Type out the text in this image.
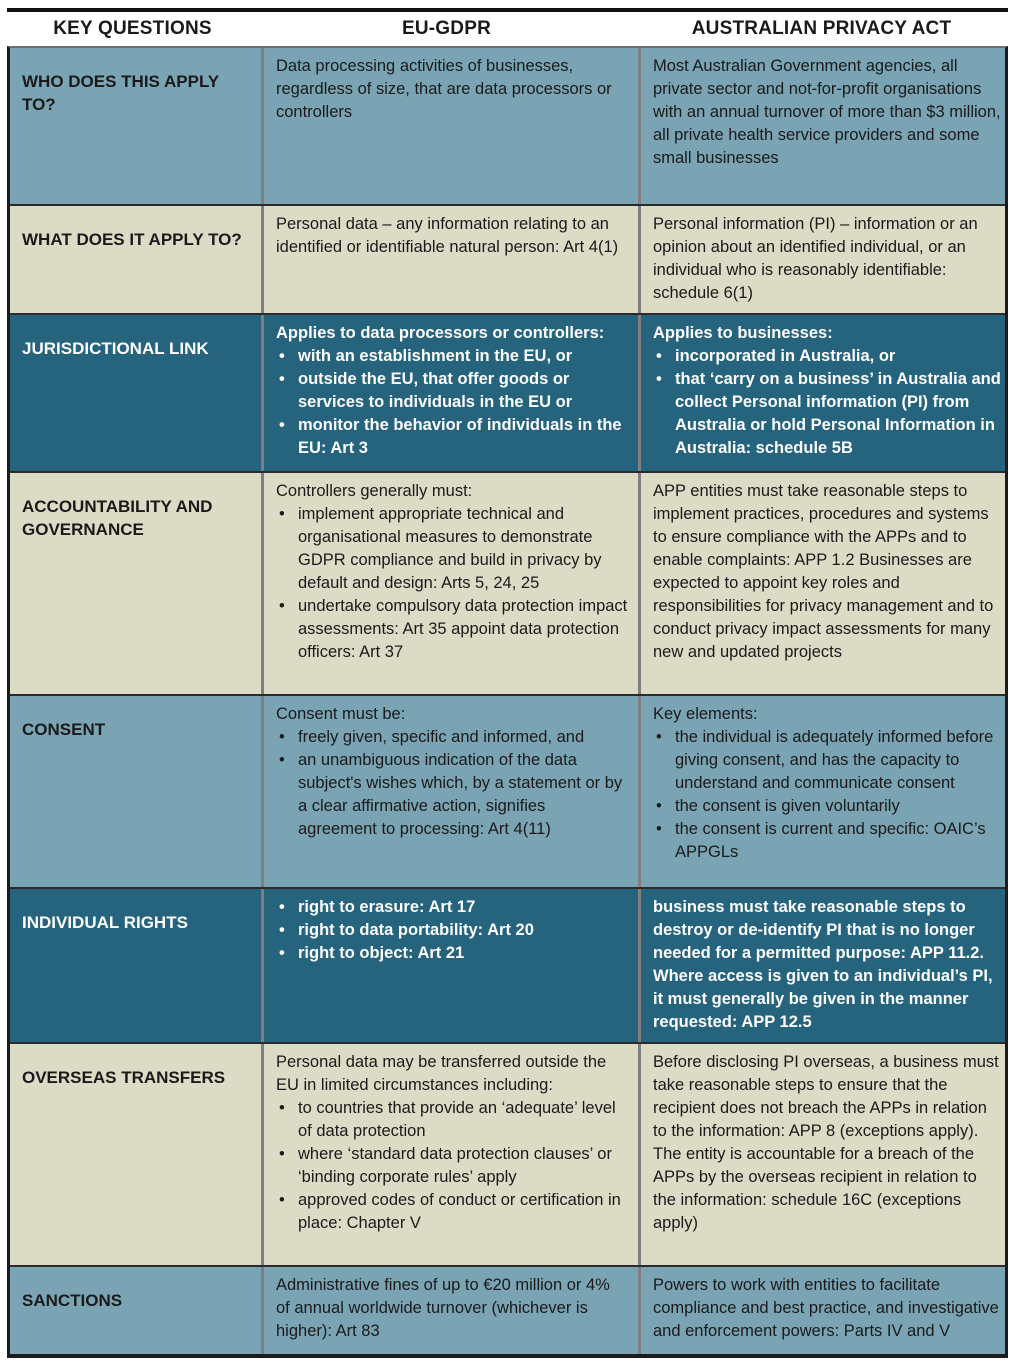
KEY QUESTIONS	EU-GDPR	AUSTRALIAN PRIVACY ACT
WHO DOES THIS APPLY TO?

Data processing activities of businesses, regardless of size, that are data processors or controllers

Most Australian Government agencies, all private sector and not-for-profit organisations with an annual turnover of more than $3 million, all private health service providers and some small businesses

WHAT DOES IT APPLY TO?

Personal data – any information relating to an identified or identifiable natural person: Art 4(1)

Personal information (PI) – information or an opinion about an identified individual, or an individual who is reasonably identifiable: schedule 6(1)

JURISDICTIONAL LINK

Applies to data processors or controllers:

• with an establishment in the EU, or
• outside the EU, that offer goods or services to individuals in the EU or
• monitor the behavior of individuals in the EU: Art 3

Applies to businesses:

• incorporated in Australia, or
• that ‘carry on a business’ in Australia and collect Personal information (PI) from Australia or hold Personal Information in Australia: schedule 5B
ACCOUNTABILITY AND GOVERNANCE

Controllers generally must:

• implement appropriate technical and organisational measures to demonstrate GDPR compliance and build in privacy by default and design: Arts 5, 24, 25
• undertake compulsory data protection impact assessments: Art 35 appoint data protection officers: Art 37

APP entities must take reasonable steps to implement practices, procedures and systems to ensure compliance with the APPs and to enable complaints: APP 1.2 Businesses are expected to appoint key roles and responsibilities for privacy management and to conduct privacy impact assessments for many new and updated projects

CONSENT

Consent must be:

• freely given, specific and informed, and
• an unambiguous indication of the data subject's wishes which, by a statement or by a clear affirmative action, signifies agreement to processing: Art 4(11)

Key elements:

• the individual is adequately informed before giving consent, and has the capacity to understand and communicate consent
• the consent is given voluntarily
• the consent is current and specific: OAIC’s APPGLs
INDIVIDUAL RIGHTS
• right to erasure: Art 17
• right to data portability: Art 20
• right to object: Art 21

business must take reasonable steps to destroy or de-identify PI that is no longer needed for a permitted purpose: APP 11.2. Where access is given to an individual’s PI, it must generally be given in the manner requested: APP 12.5

OVERSEAS TRANSFERS

Personal data may be transferred outside the EU in limited circumstances including:

• to countries that provide an ‘adequate’ level of data protection
• where ‘standard data protection clauses’ or ‘binding corporate rules’ apply
• approved codes of conduct or certification in place: Chapter V

Before disclosing PI overseas, a business must take reasonable steps to ensure that the recipient does not breach the APPs in relation to the information: APP 8 (exceptions apply). The entity is accountable for a breach of the APPs by the overseas recipient in relation to the information: schedule 16C (exceptions apply)

SANCTIONS

Administrative fines of up to €20 million or 4% of annual worldwide turnover (whichever is higher): Art 83

Powers to work with entities to facilitate compliance and best practice, and investigative and enforcement powers: Parts IV and V
